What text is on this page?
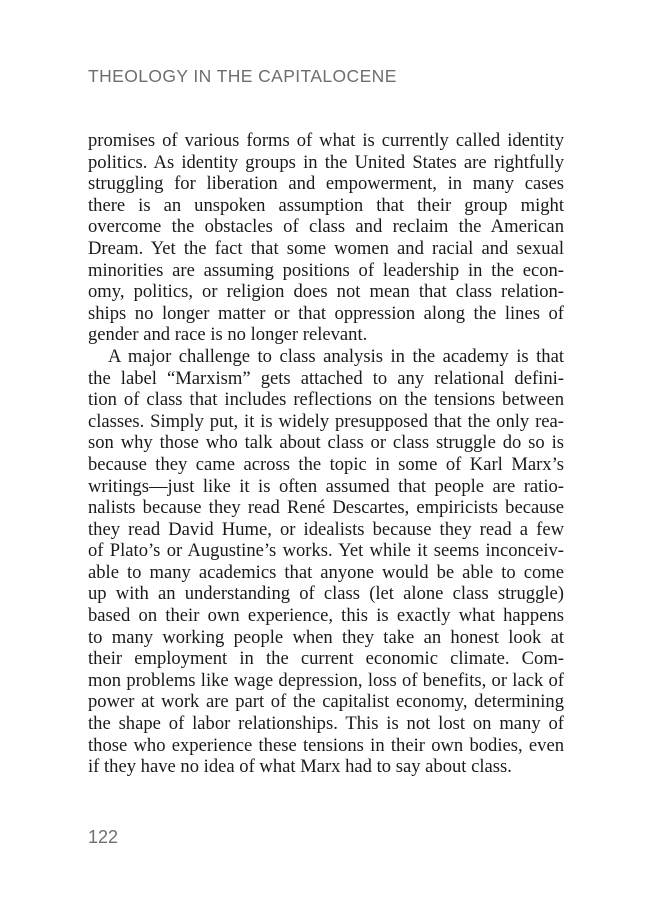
THEOLOGY IN THE CAPITALOCENE
promises of various forms of what is currently called identity
politics. As identity groups in the United States are rightfully
struggling for liberation and empowerment, in many cases
there is an unspoken assumption that their group might
overcome the obstacles of class and reclaim the American
Dream. Yet the fact that some women and racial and sexual
minorities are assuming positions of leadership in the econ-
omy, politics, or religion does not mean that class relation-
ships no longer matter or that oppression along the lines of
gender and race is no longer relevant.
A major challenge to class analysis in the academy is that
the label “Marxism” gets attached to any relational defini-
tion of class that includes reflections on the tensions between
classes. Simply put, it is widely presupposed that the only rea-
son why those who talk about class or class struggle do so is
because they came across the topic in some of Karl Marx’s
writings—just like it is often assumed that people are ratio-
nalists because they read René Descartes, empiricists because
they read David Hume, or idealists because they read a few
of Plato’s or Augustine’s works. Yet while it seems inconceiv-
able to many academics that anyone would be able to come
up with an understanding of class (let alone class struggle)
based on their own experience, this is exactly what happens
to many working people when they take an honest look at
their employment in the current economic climate. Com-
mon problems like wage depression, loss of benefits, or lack of
power at work are part of the capitalist economy, determining
the shape of labor relationships. This is not lost on many of
those who experience these tensions in their own bodies, even
if they have no idea of what Marx had to say about class.
122
